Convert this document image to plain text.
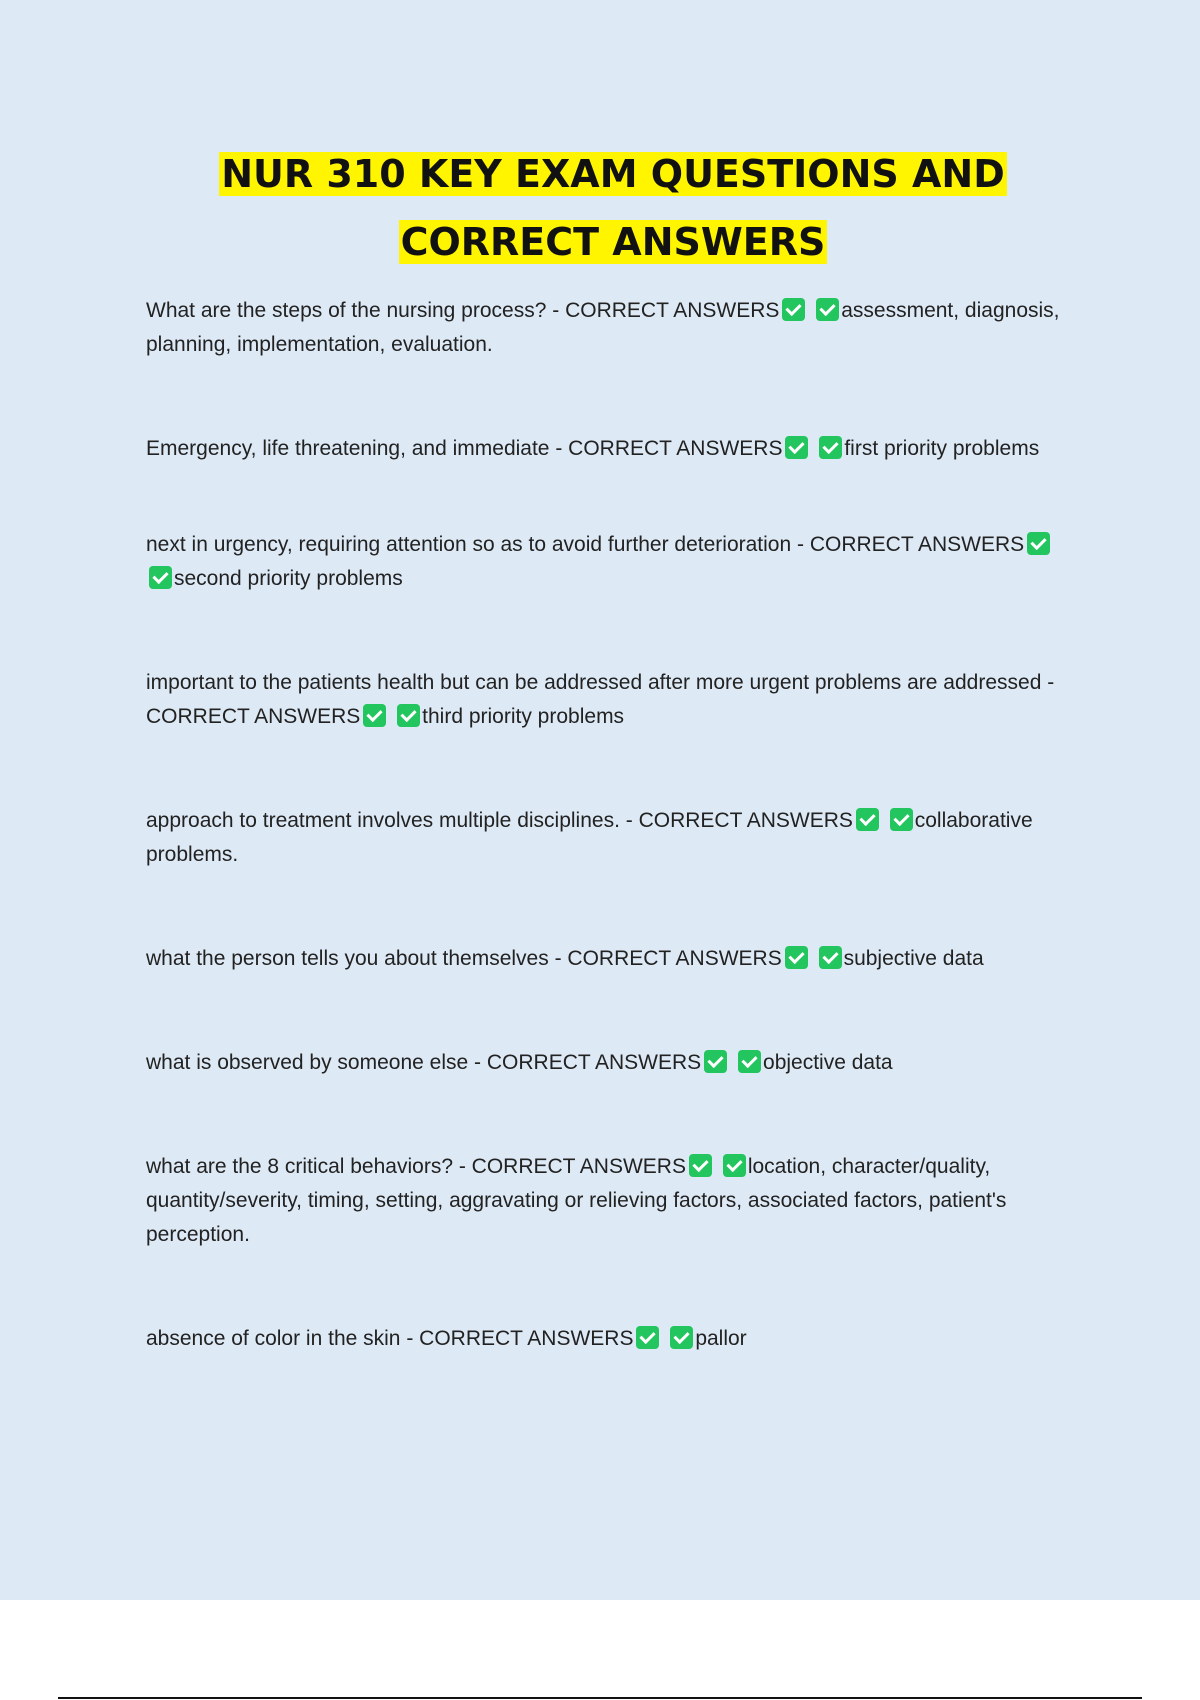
NUR 310 KEY EXAM QUESTIONS AND CORRECT ANSWERS

What are the steps of the nursing process? - CORRECT ANSWERS	assessment, diagnosis, planning, implementation, evaluation.

Emergency, life threatening, and immediate - CORRECT ANSWERS	first priority problems

next in urgency, requiring attention so as to avoid further deterioration - CORRECT ANSWERS second priority problems

important to the patients health but can be addressed after more urgent problems are addressed - CORRECT ANSWERS	third priority problems

approach to treatment involves multiple disciplines. - CORRECT ANSWERS	collaborative problems.

what the person tells you about themselves - CORRECT ANSWERS	subjective data

what is observed by someone else - CORRECT ANSWERS	objective data

what are the 8 critical behaviors? - CORRECT ANSWERS	location, character/quality, quantity/severity, timing, setting, aggravating or relieving factors, associated factors, patient's perception.

absence of color in the skin - CORRECT ANSWERS	pallor
